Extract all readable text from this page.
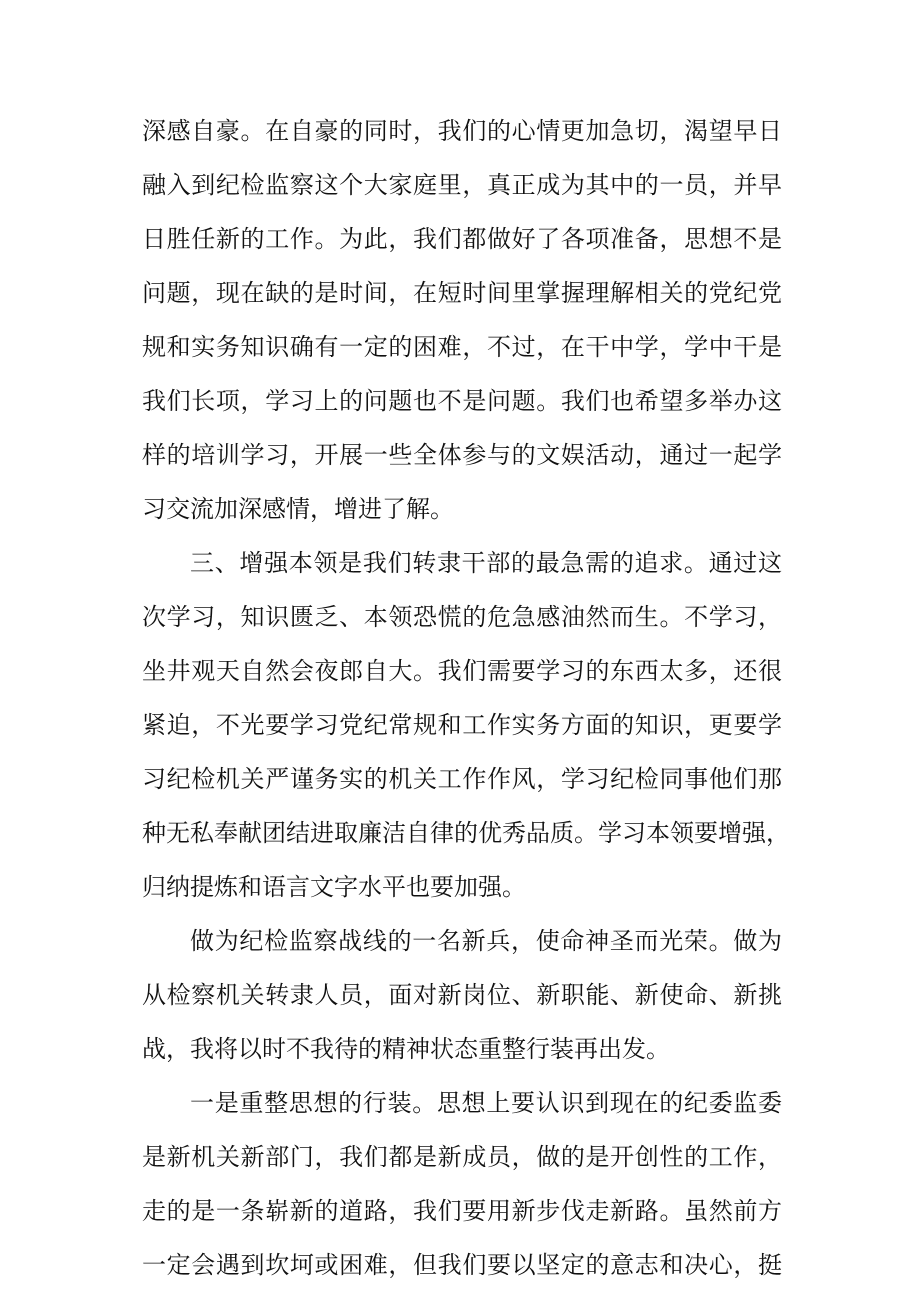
深感自豪。在自豪的同时，我们的心情更加急切，渴望早日
融入到纪检监察这个大家庭里，真正成为其中的一员，并早
日胜任新的工作。为此，我们都做好了各项准备，思想不是
问题，现在缺的是时间，在短时间里掌握理解相关的党纪党
规和实务知识确有一定的困难，不过，在干中学，学中干是
我们长项，学习上的问题也不是问题。我们也希望多举办这
样的培训学习，开展一些全体参与的文娱活动，通过一起学
习交流加深感情，增进了解。
三、增强本领是我们转隶干部的最急需的追求。通过这
次学习，知识匮乏、本领恐慌的危急感油然而生。不学习，
坐井观天自然会夜郎自大。我们需要学习的东西太多，还很
紧迫，不光要学习党纪常规和工作实务方面的知识，更要学
习纪检机关严谨务实的机关工作作风，学习纪检同事他们那
种无私奉献团结进取廉洁自律的优秀品质。学习本领要增强，
归纳提炼和语言文字水平也要加强。
做为纪检监察战线的一名新兵，使命神圣而光荣。做为
从检察机关转隶人员，面对新岗位、新职能、新使命、新挑
战，我将以时不我待的精神状态重整行装再出发。
一是重整思想的行装。思想上要认识到现在的纪委监委
是新机关新部门，我们都是新成员，做的是开创性的工作，
走的是一条崭新的道路，我们要用新步伐走新路。虽然前方
一定会遇到坎坷或困难，但我们要以坚定的意志和决心，挺
